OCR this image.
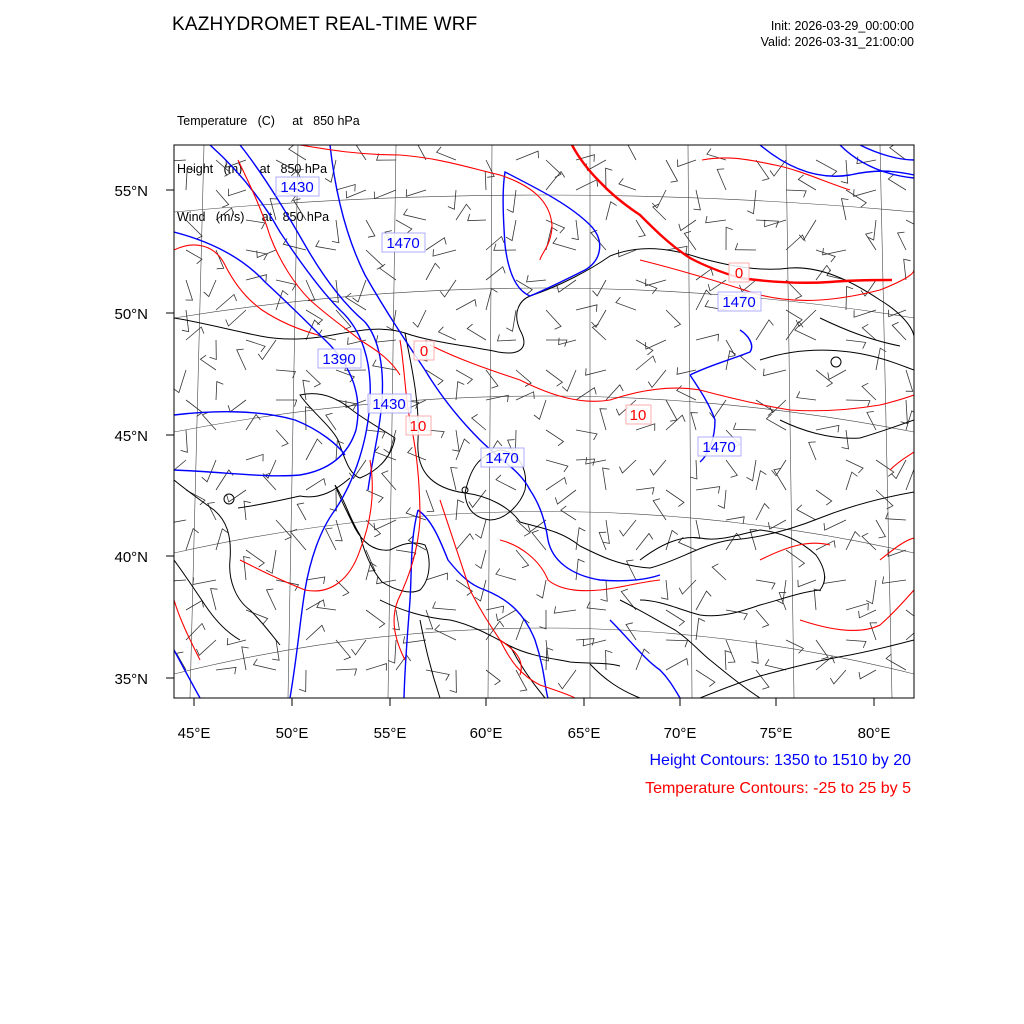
KAZHYDROMET REAL-TIME WRF	Init: 2026-03-29_00:00:00
Valid: 2026-03-31_21:00:00

Temperature   (C)     at   850 hPa

Height   (m)     at   850 hPa

Wind   (m/s)     at   850 hPa

55°N
50°N
45°N
40°N
35°N
45°E	50°E	55°E	60°E	65°E	70°E	75°E	80°E
1430
1470
1470
1390
1430
1470
1470
0
0
10
10
Height Contours: 1350 to 1510 by 20
Temperature Contours: -25 to 25 by 5
